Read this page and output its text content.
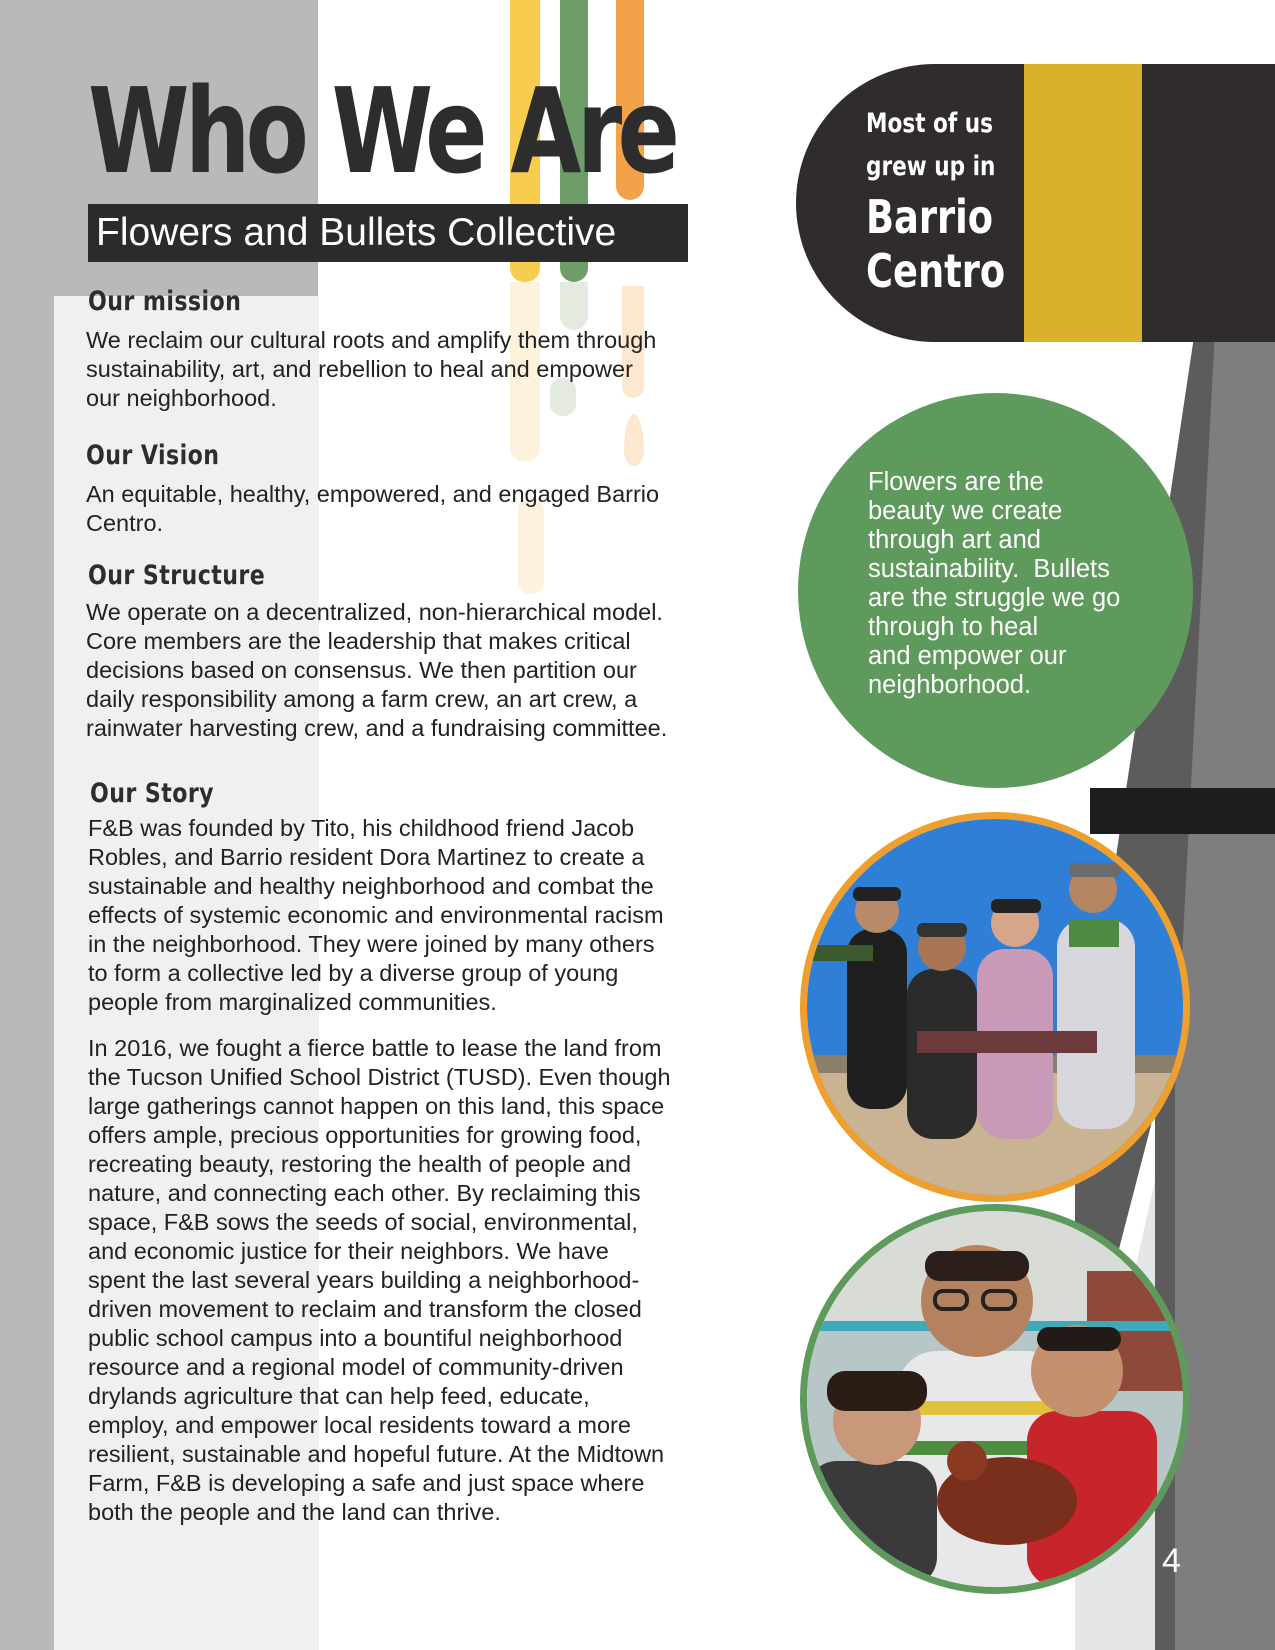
Who We Are
Flowers and Bullets Collective
Our mission
We reclaim our cultural roots and amplify them through
sustainability, art, and rebellion to heal and empower
our neighborhood.
Our Vision
An equitable, healthy, empowered, and engaged Barrio
Centro.
Our Structure
We operate on a decentralized, non-hierarchical model.
Core members are the leadership that makes critical
decisions based on consensus. We then partition our
daily responsibility among a farm crew, an art crew, a
rainwater harvesting crew, and a fundraising committee.
Our Story
F&B was founded by Tito, his childhood friend Jacob
Robles, and Barrio resident Dora Martinez to create a
sustainable and healthy neighborhood and combat the
effects of systemic economic and environmental racism
in the neighborhood. They were joined by many others
to form a collective led by a diverse group of young
people from marginalized communities.
In 2016, we fought a fierce battle to lease the land from
the Tucson Unified School District (TUSD). Even though
large gatherings cannot happen on this land, this space
offers ample, precious opportunities for growing food,
recreating beauty, restoring the health of people and
nature, and connecting each other. By reclaiming this
space, F&B sows the seeds of social, environmental,
and economic justice for their neighbors. We have
spent the last several years building a neighborhood-
driven movement to reclaim and transform the closed
public school campus into a bountiful neighborhood
resource and a regional model of community-driven
drylands agriculture that can help feed, educate,
employ, and empower local residents toward a more
resilient, sustainable and hopeful future. At the Midtown
Farm, F&B is developing a safe and just space where
both the people and the land can thrive.
Most of us
grew up in
Barrio
Centro
Flowers are the
beauty we create
through art and
sustainability.  Bullets
are the struggle we go
through to heal
and empower our
neighborhood.
4
